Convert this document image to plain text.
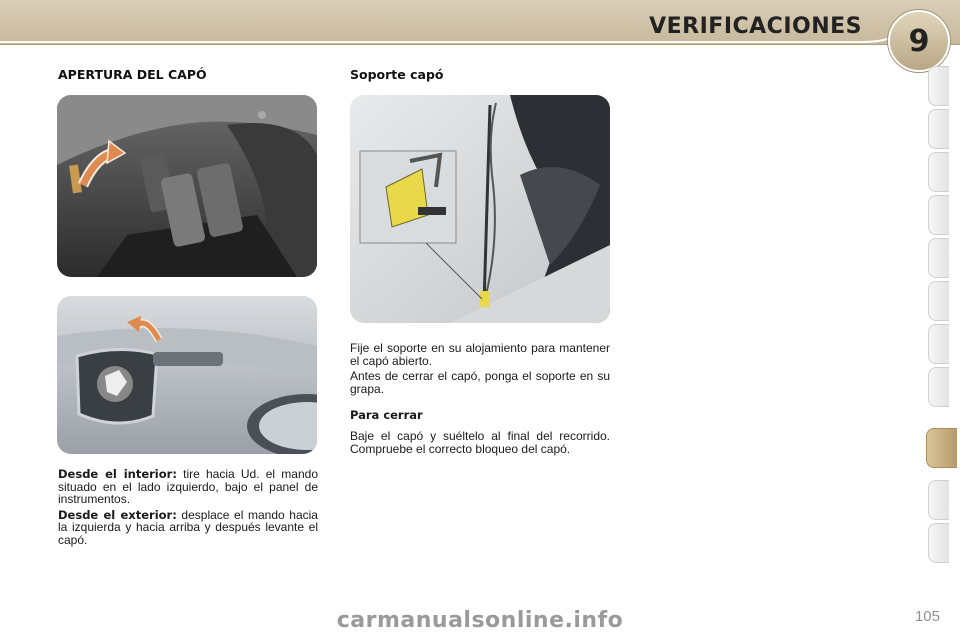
VERIFICACIONES	9
APERTURA DEL CAPÓ	Soporte capó

Desde el interior: tire hacia Ud. el mando situado en el lado izquierdo, bajo el panel de instrumentos.

Desde el exterior: desplace el mando hacia la izquierda y hacia arriba y después levante el capó.

Fije el soporte en su alojamiento para mantener el capó abierto.

Antes de cerrar el capó, ponga el soporte en su grapa.

Para cerrar

Baje el capó y suéltelo al final del recorrido. Compruebe el correcto bloqueo del capó.

105
carmanualsonline.info
